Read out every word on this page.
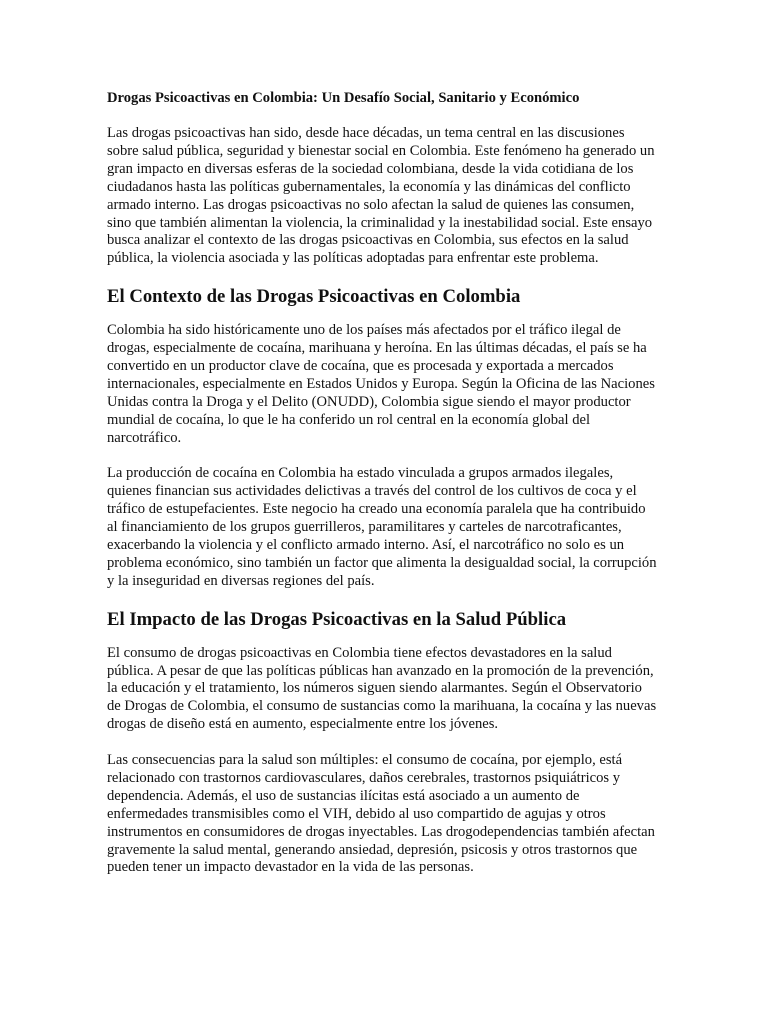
Drogas Psicoactivas en Colombia: Un Desafío Social, Sanitario y Económico

Las drogas psicoactivas han sido, desde hace décadas, un tema central en las discusiones sobre salud pública, seguridad y bienestar social en Colombia. Este fenómeno ha generado un gran impacto en diversas esferas de la sociedad colombiana, desde la vida cotidiana de los ciudadanos hasta las políticas gubernamentales, la economía y las dinámicas del conflicto armado interno. Las drogas psicoactivas no solo afectan la salud de quienes las consumen, sino que también alimentan la violencia, la criminalidad y la inestabilidad social. Este ensayo busca analizar el contexto de las drogas psicoactivas en Colombia, sus efectos en la salud pública, la violencia asociada y las políticas adoptadas para enfrentar este problema.

El Contexto de las Drogas Psicoactivas en Colombia

Colombia ha sido históricamente uno de los países más afectados por el tráfico ilegal de drogas, especialmente de cocaína, marihuana y heroína. En las últimas décadas, el país se ha convertido en un productor clave de cocaína, que es procesada y exportada a mercados internacionales, especialmente en Estados Unidos y Europa. Según la Oficina de las Naciones Unidas contra la Droga y el Delito (ONUDD), Colombia sigue siendo el mayor productor mundial de cocaína, lo que le ha conferido un rol central en la economía global del narcotráfico.

La producción de cocaína en Colombia ha estado vinculada a grupos armados ilegales, quienes financian sus actividades delictivas a través del control de los cultivos de coca y el tráfico de estupefacientes. Este negocio ha creado una economía paralela que ha contribuido al financiamiento de los grupos guerrilleros, paramilitares y carteles de narcotraficantes, exacerbando la violencia y el conflicto armado interno. Así, el narcotráfico no solo es un problema económico, sino también un factor que alimenta la desigualdad social, la corrupción y la inseguridad en diversas regiones del país.

El Impacto de las Drogas Psicoactivas en la Salud Pública

El consumo de drogas psicoactivas en Colombia tiene efectos devastadores en la salud pública. A pesar de que las políticas públicas han avanzado en la promoción de la prevención, la educación y el tratamiento, los números siguen siendo alarmantes. Según el Observatorio de Drogas de Colombia, el consumo de sustancias como la marihuana, la cocaína y las nuevas drogas de diseño está en aumento, especialmente entre los jóvenes.

Las consecuencias para la salud son múltiples: el consumo de cocaína, por ejemplo, está relacionado con trastornos cardiovasculares, daños cerebrales, trastornos psiquiátricos y dependencia. Además, el uso de sustancias ilícitas está asociado a un aumento de enfermedades transmisibles como el VIH, debido al uso compartido de agujas y otros instrumentos en consumidores de drogas inyectables. Las drogodependencias también afectan gravemente la salud mental, generando ansiedad, depresión, psicosis y otros trastornos que pueden tener un impacto devastador en la vida de las personas.
